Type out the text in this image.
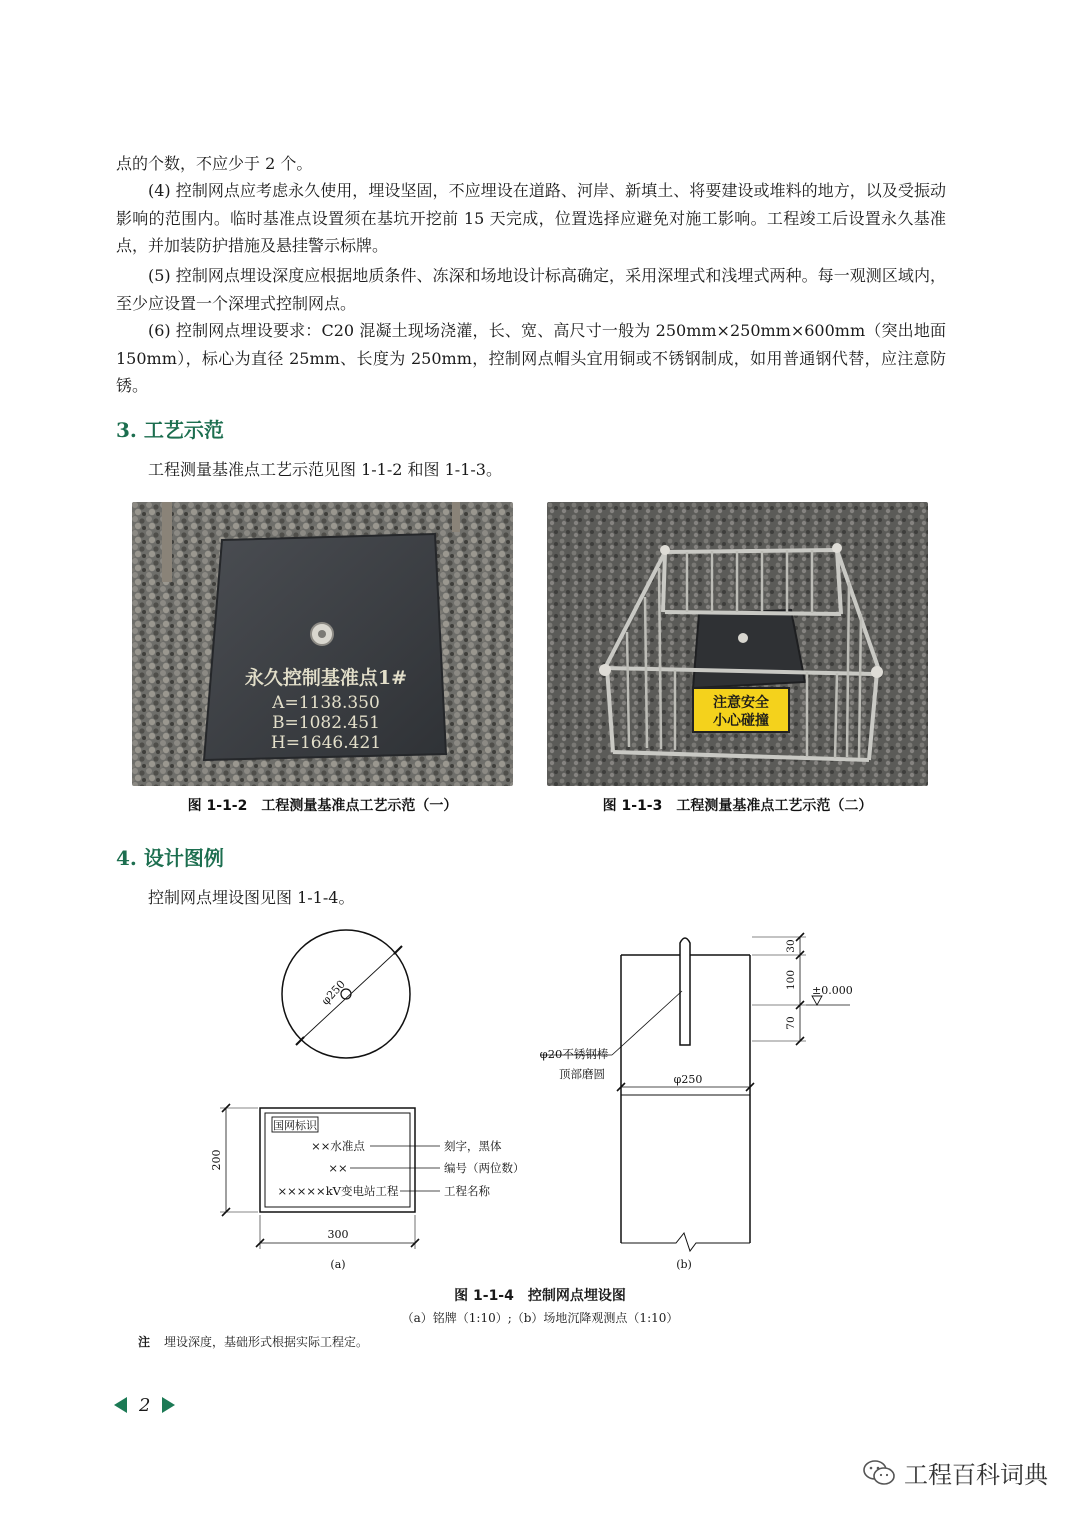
点的个数，不应少于 2 个。

(4) 控制网点应考虑永久使用，埋设坚固，不应埋设在道路、河岸、新填土、将要建设或堆料的地方，以及受振动影响的范围内。临时基准点设置须在基坑开挖前 15 天完成，位置选择应避免对施工影响。工程竣工后设置永久基准点，并加装防护措施及悬挂警示标牌。

(5) 控制网点埋设深度应根据地质条件、冻深和场地设计标高确定，采用深埋式和浅埋式两种。每一观测区域内，至少应设置一个深埋式控制网点。

(6) 控制网点埋设要求：C20 混凝土现场浇灌，长、宽、高尺寸一般为 250mm×250mm×600mm（突出地面 150mm），标心为直径 25mm、长度为 250mm，控制网点帽头宜用铜或不锈钢制成，如用普通钢代替，应注意防锈。

3. 工艺示范

工程测量基准点工艺示范见图 1-1-2 和图 1-1-3。

永久控制基准点1#
A=1138.350
B=1082.451
H=1646.421
图 1-1-2　工程测量基准点工艺示范（一）
注意安全
小心碰撞
图 1-1-3　工程测量基准点工艺示范（二）
4. 设计图例

控制网点埋设图见图 1-1-4。

φ250
国网标识
××水准点
××
×××××kV变电站工程
刻字，黑体
编号（两位数）
工程名称
200
300
(a)
φ20不锈钢棒
顶部磨圆	φ250
30
100
70
±0.000
(b)
图 1-1-4　控制网点埋设图
（a）铭牌（1:10）;（b）场地沉降观测点（1:10）
注 埋设深度，基础形式根据实际工程定。
2
工程百科词典
